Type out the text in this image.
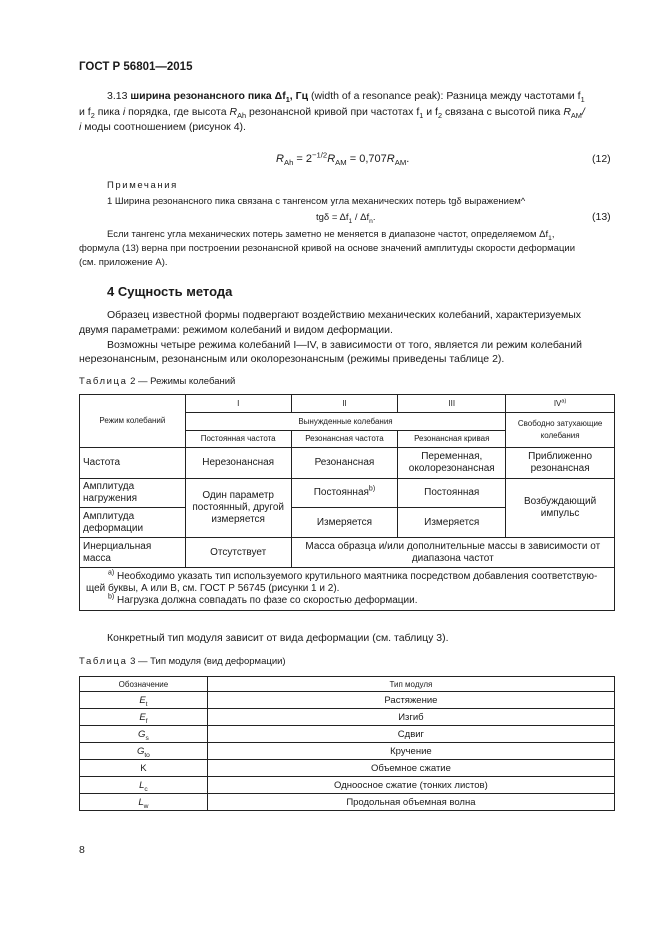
ГОСТ Р 56801—2015
3.13 ширина резонансного пика $\Delta f_1$, Гц (width of a resonance peak): Разница между частотами $f_1$
и $f_2$ пика i порядка, где высота $R_{Ah}$ резонансной кривой при частотах $f_1$ и $f_2$ связана с высотой пика $R_{AM}/$
i моды соотношением (рисунок 4).
$R_{Ah} = 2^{-1/2}R_{AM} = 0,707R_{AM}$.	(12)
Примечания
1 Ширина резонансного пика связана с тангенсом угла механических потерь tgδ выражением^
$tg\delta = \Delta f_1 / \Delta f_n$.	(13)
Если тангенс угла механических потерь заметно не меняется в диапазоне частот, определяемом $\Delta f_1$,
формула (13) верна при построении резонансной кривой на основе значений амплитуды скорости деформации
(см. приложение А).
4 Сущность метода
Образец известной формы подвергают воздействию механических колебаний, характеризуемых
двумя параметрами: режимом колебаний и видом деформации.
Возможны четыре режима колебаний I—IV, в зависимости от того, является ли режим колебаний
нерезонансным, резонансным или околорезонансным (режимы приведены таблице 2).
Таблица 2 — Режимы колебаний
Режим колебаний	I	II	III	IV$^{a)}$
	Вынужденные колебания			Свободно затухающие колебания
	Постоянная частота	Резонансная частота	Резонансная кривая	
Частота	Нерезонансная	Резонансная	Переменная, околорезонансная	Приближенно резонансная
Амплитуда нагружения	Один параметр постоянный, другой измеряется	Постоянная$^{b)}$	Постоянная	Возбуждающий импульс
Амплитуда деформации		Измеряется	Измеряется	
Инерциальная масса	Отсутствует	Масса образца и/или дополнительные массы в зависимости от диапазона частот		

$^{a)}$ Необходимо указать тип используемого крутильного маятника посредством добавления соответствую-
щей буквы, А или В, см. ГОСТ Р 56745 (рисунки 1 и 2).
$^{b)}$ Нагрузка должна совпадать по фазе со скоростью деформации.				
Конкретный тип модуля зависит от вида деформации (см. таблицу 3).
Таблица 3 — Тип модуля (вид деформации)
Обозначение	Тип модуля
$E_t$	Растяжение
$E_f$	Изгиб
$G_s$	Сдвиг
$G_{to}$	Кручение
K	Объемное сжатие
$L_c$	Одноосное сжатие (тонких листов)
$L_w$	Продольная объемная волна
8
